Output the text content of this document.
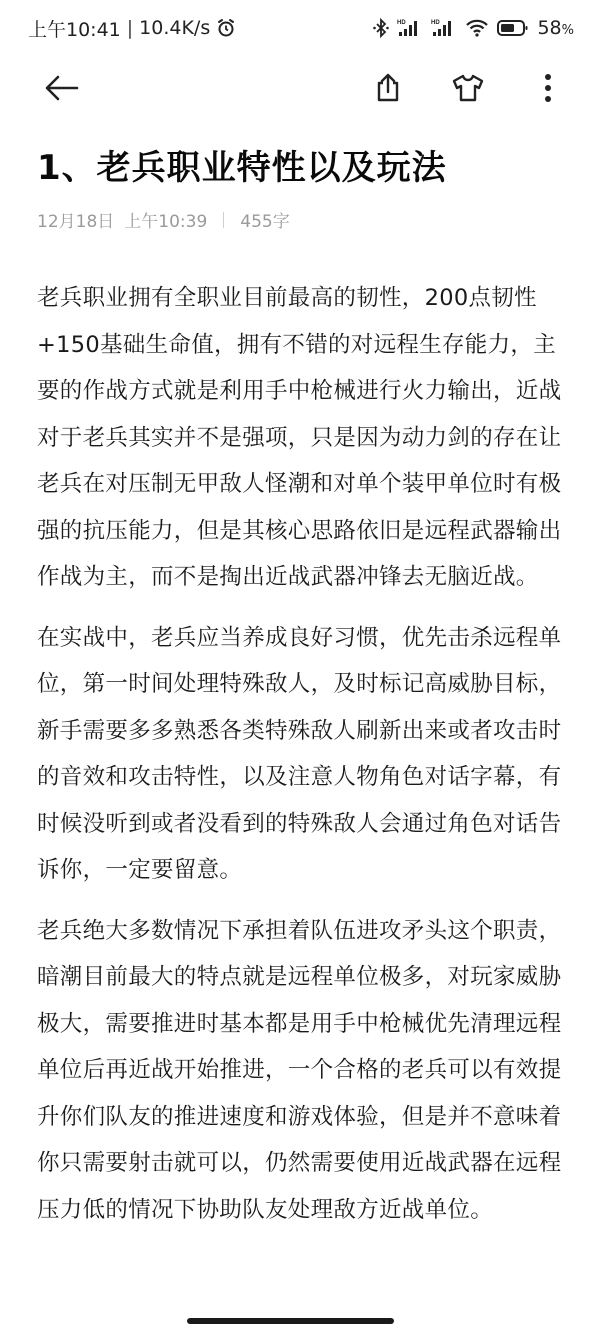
上午10:41 | 10.4K/s	HD	HD	58%
1、老兵职业特性以及玩法
12月18日 上午10:39 455字

老兵职业拥有全职业目前最高的韧性，200点韧性+150基础生命值，拥有不错的对远程生存能力，主要的作战方式就是利用手中枪械进行火力输出，近战对于老兵其实并不是强项，只是因为动力剑的存在让老兵在对压制无甲敌人怪潮和对单个装甲单位时有极强的抗压能力，但是其核心思路依旧是远程武器输出作战为主，而不是掏出近战武器冲锋去无脑近战。

在实战中，老兵应当养成良好习惯，优先击杀远程单位，第一时间处理特殊敌人，及时标记高威胁目标，新手需要多多熟悉各类特殊敌人刷新出来或者攻击时的音效和攻击特性，以及注意人物角色对话字幕，有时候没听到或者没看到的特殊敌人会通过角色对话告诉你，一定要留意。

老兵绝大多数情况下承担着队伍进攻矛头这个职责，暗潮目前最大的特点就是远程单位极多，对玩家威胁极大，需要推进时基本都是用手中枪械优先清理远程单位后再近战开始推进，一个合格的老兵可以有效提升你们队友的推进速度和游戏体验，但是并不意味着你只需要射击就可以，仍然需要使用近战武器在远程压力低的情况下协助队友处理敌方近战单位。
